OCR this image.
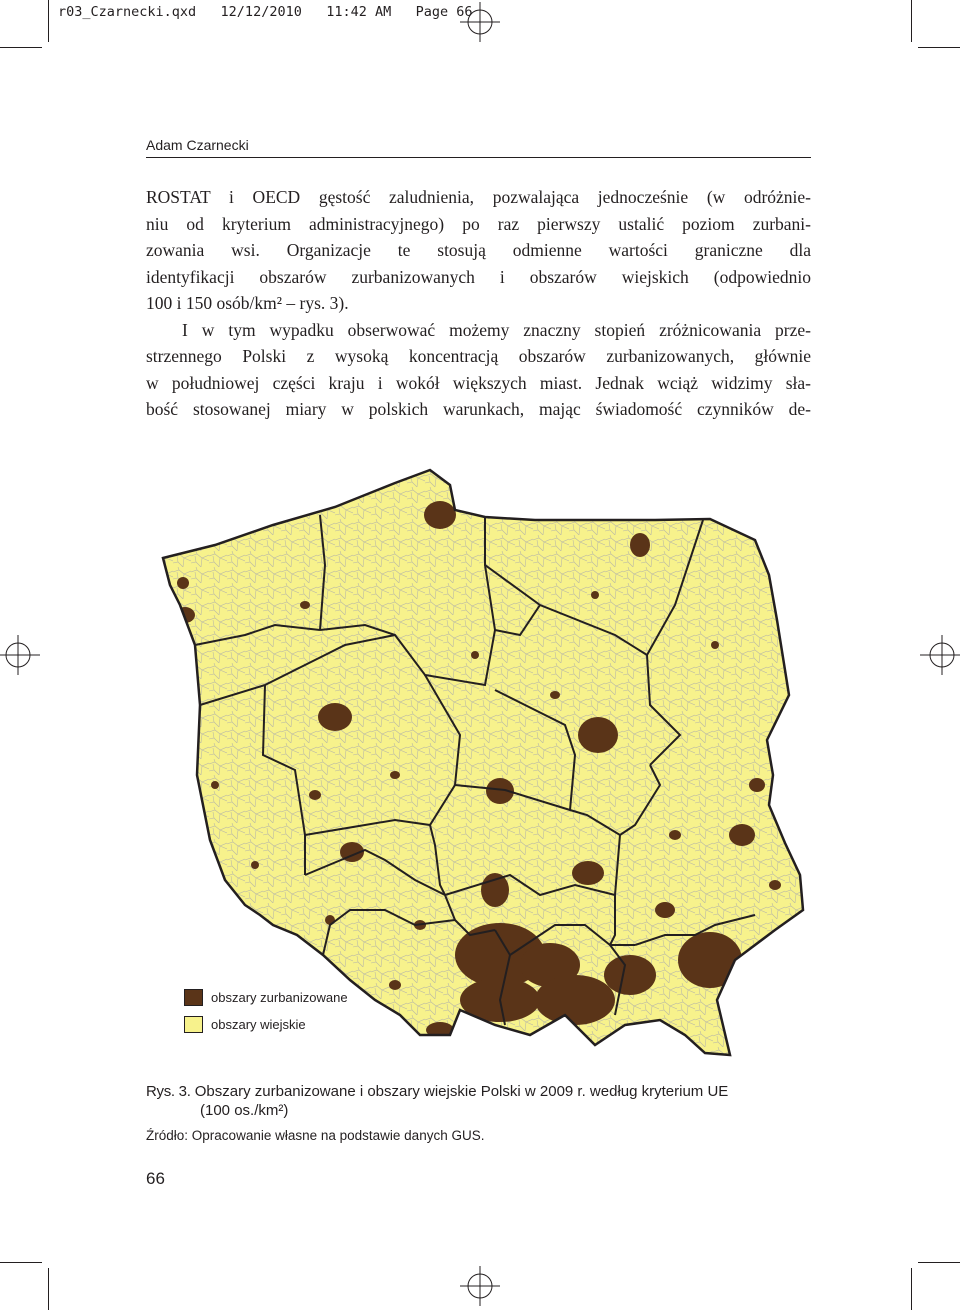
r03_Czarnecki.qxd   12/12/2010   11:42 AM   Page 66
Adam Czarnecki
ROSTAT i OECD gęstość zaludnienia, pozwalająca jednocześnie (w odróżnie-
niu od kryterium administracyjnego) po raz pierwszy ustalić poziom zurbani-
zowania wsi. Organizacje te stosują odmienne wartości graniczne dla
identyfikacji obszarów zurbanizowanych i obszarów wiejskich (odpowiednio
100 i 150 osób/km² – rys. 3).
I w tym wypadku obserwować możemy znaczny stopień zróżnicowania prze-
strzennego Polski z wysoką koncentracją obszarów zurbanizowanych, głównie
w południowej części kraju i wokół większych miast. Jednak wciąż widzimy sła-
bość stosowanej miary w polskich warunkach, mając świadomość czynników de-
obszary zurbanizowane
obszary wiejskie
Rys. 3. Obszary zurbanizowane i obszary wiejskie Polski w 2009 r. według kryterium UE
(100 os./km²)
Źródło: Opracowanie własne na podstawie danych GUS.
66
